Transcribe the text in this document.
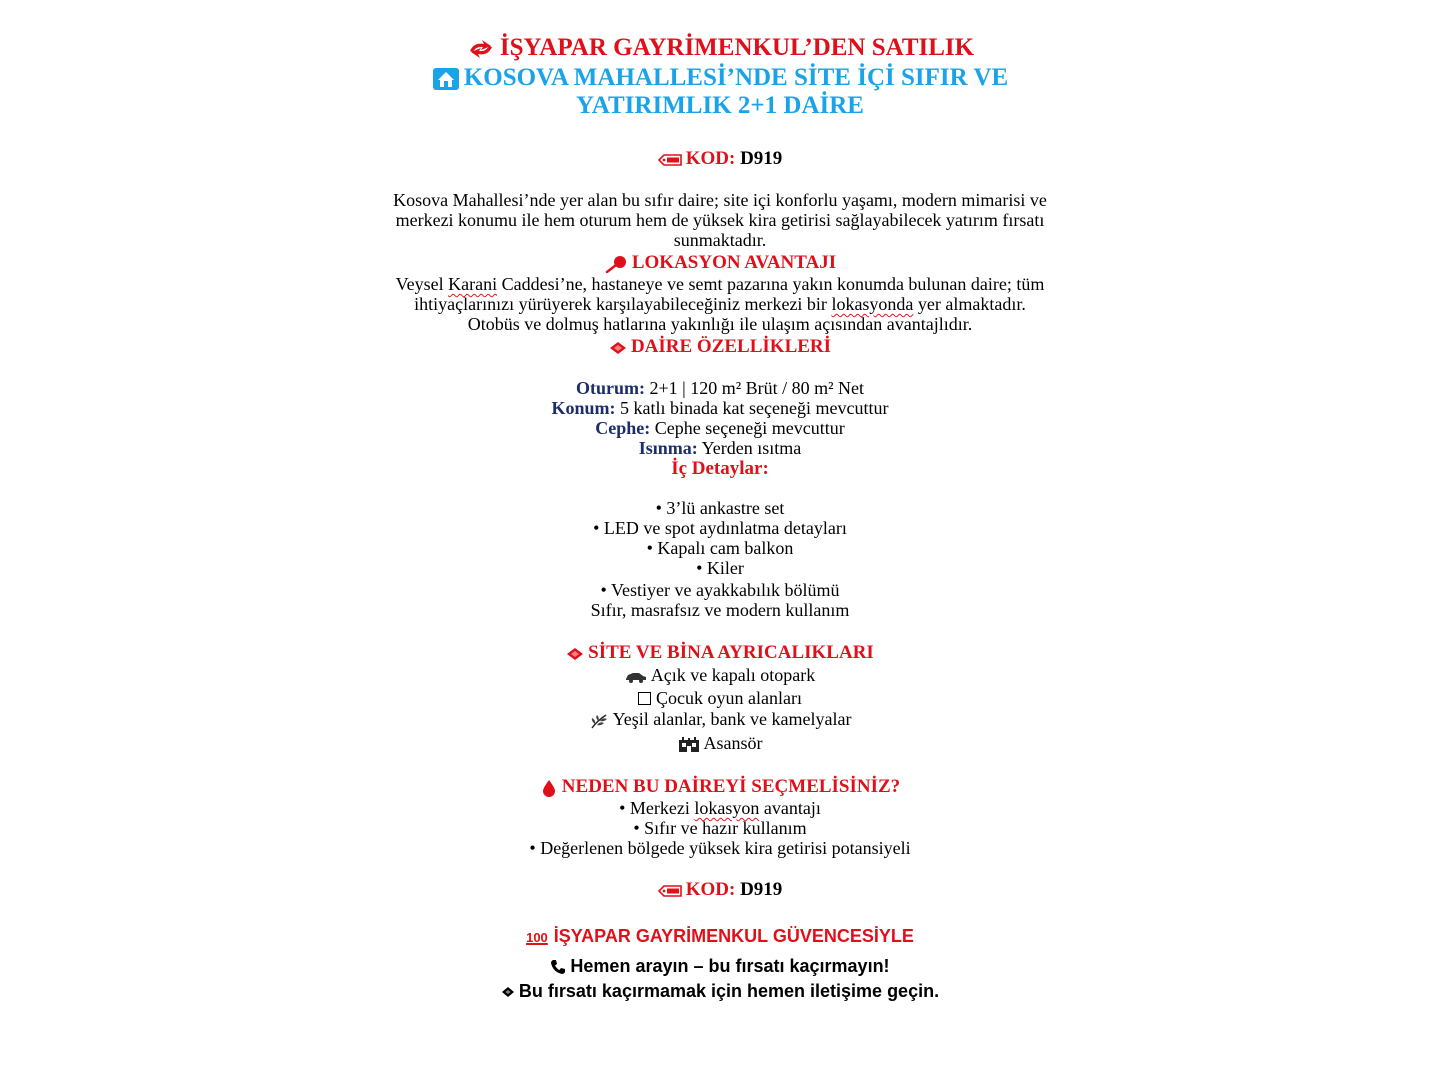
İŞYAPAR GAYRİMENKUL’DEN SATILIK
KOSOVA MAHALLESİ’NDE SİTE İÇİ SIFIR VE
YATIRIMLIK 2+1 DAİRE
KOD: D919
Kosova Mahallesi’nde yer alan bu sıfır daire; site içi konforlu yaşamı, modern mimarisi ve
merkezi konumu ile hem oturum hem de yüksek kira getirisi sağlayabilecek yatırım fırsatı
sunmaktadır.
LOKASYON AVANTAJI
Veysel Karani Caddesi’ne, hastaneye ve semt pazarına yakın konumda bulunan daire; tüm
ihtiyaçlarınızı yürüyerek karşılayabileceğiniz merkezi bir lokasyonda yer almaktadır.
Otobüs ve dolmuş hatlarına yakınlığı ile ulaşım açısından avantajlıdır.
DAİRE ÖZELLİKLERİ
Oturum: 2+1 | 120 m² Brüt / 80 m² Net
Konum: 5 katlı binada kat seçeneği mevcuttur
Cephe: Cephe seçeneği mevcuttur
Isınma: Yerden ısıtma
İç Detaylar:
• 3’lü ankastre set
• LED ve spot aydınlatma detayları
• Kapalı cam balkon
• Kiler
• Vestiyer ve ayakkabılık bölümü
Sıfır, masrafsız ve modern kullanım
SİTE VE BİNA AYRICALIKLARI
Açık ve kapalı otopark
Çocuk oyun alanları
Yeşil alanlar, bank ve kamelyalar
Asansör
NEDEN BU DAİREYİ SEÇMELİSİNİZ?
• Merkezi lokasyon avantajı
• Sıfır ve hazır kullanım
• Değerlenen bölgede yüksek kira getirisi potansiyeli
KOD: D919
100 İŞYAPAR GAYRİMENKUL GÜVENCESİYLE
Hemen arayın – bu fırsatı kaçırmayın!
Bu fırsatı kaçırmamak için hemen iletişime geçin.
